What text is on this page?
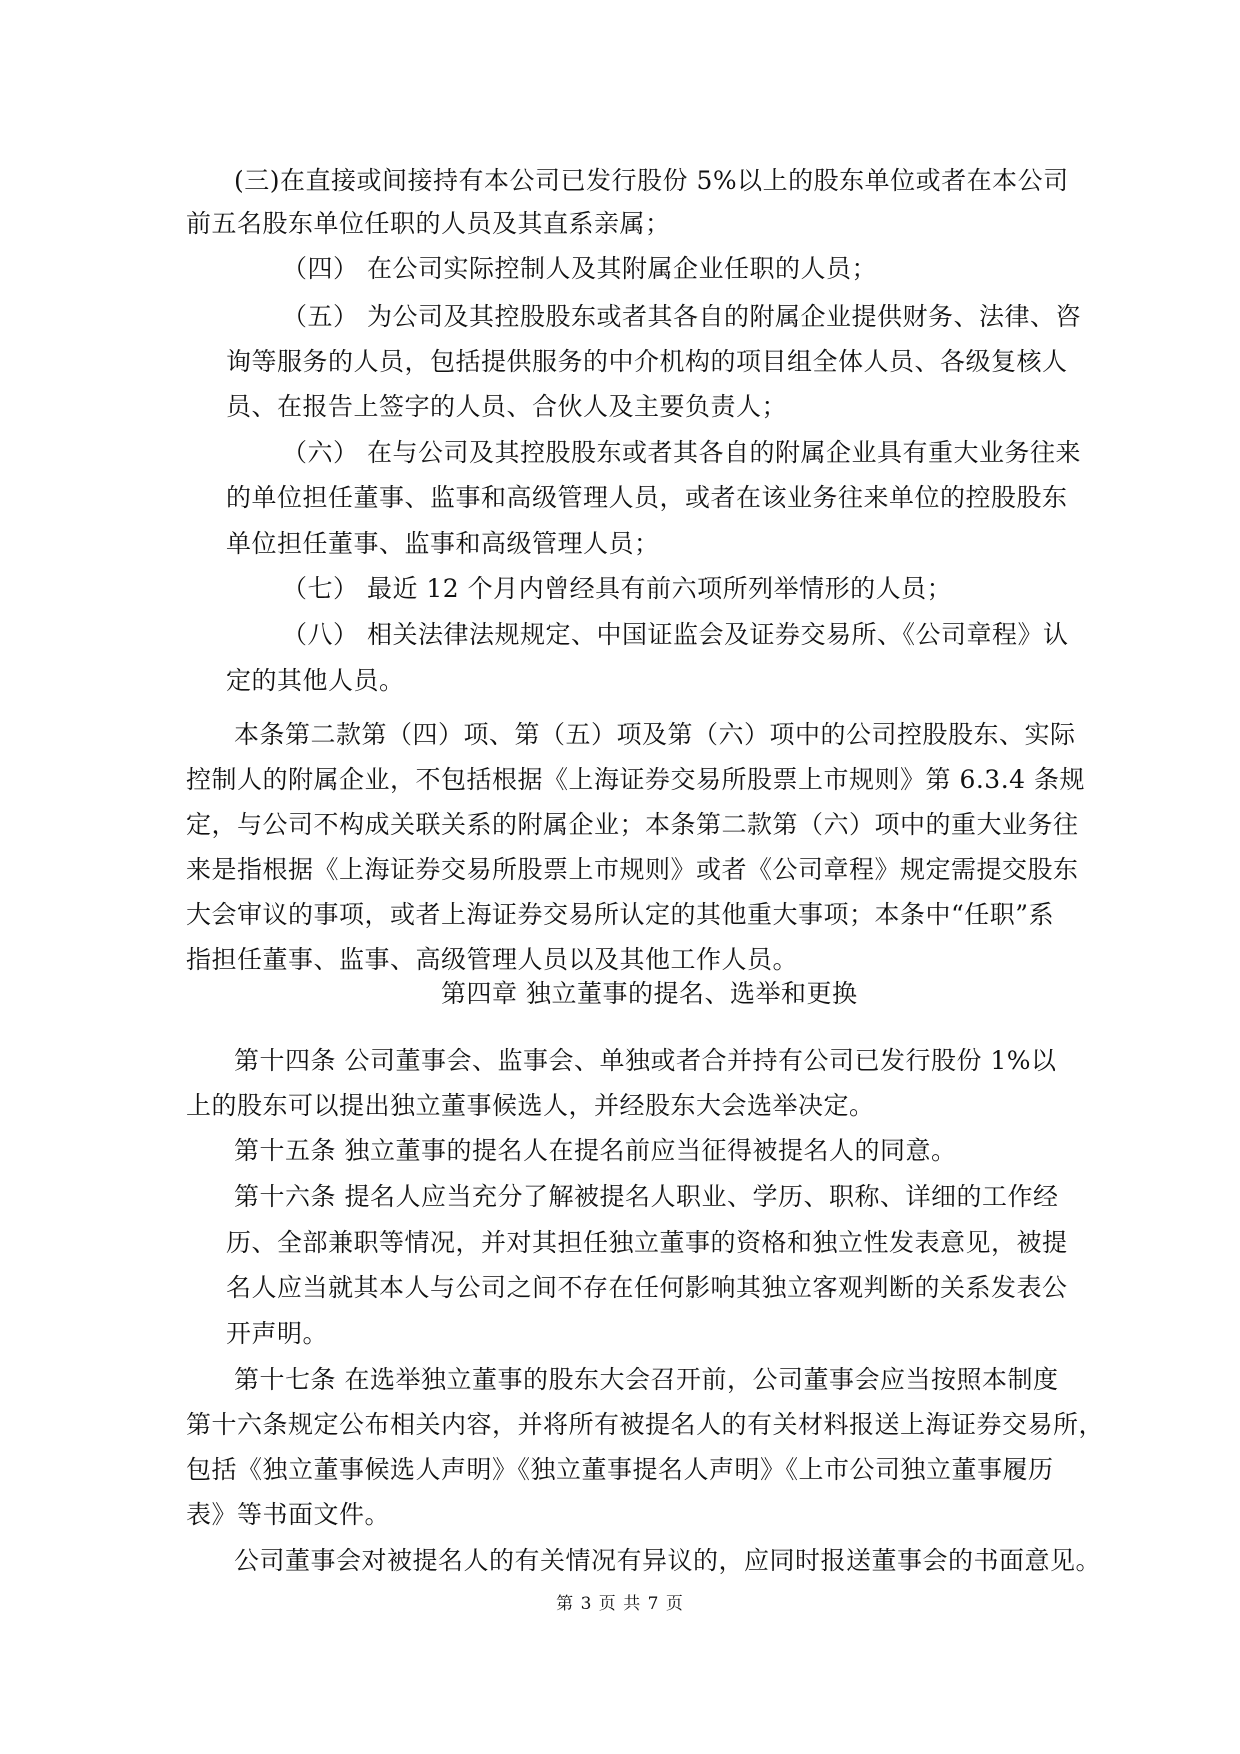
(三)在直接或间接持有本公司已发行股份 5%以上的股东单位或者在本公司
前五名股东单位任职的人员及其直系亲属；
（四） 在公司实际控制人及其附属企业任职的人员；
（五） 为公司及其控股股东或者其各自的附属企业提供财务、法律、咨
询等服务的人员，包括提供服务的中介机构的项目组全体人员、各级复核人
员、在报告上签字的人员、合伙人及主要负责人；
（六） 在与公司及其控股股东或者其各自的附属企业具有重大业务往来
的单位担任董事、监事和高级管理人员，或者在该业务往来单位的控股股东
单位担任董事、监事和高级管理人员；
（七） 最近 12 个月内曾经具有前六项所列举情形的人员；
（八） 相关法律法规规定、中国证监会及证券交易所、《公司章程》认
定的其他人员。
本条第二款第（四）项、第（五）项及第（六）项中的公司控股股东、实际
控制人的附属企业，不包括根据《上海证券交易所股票上市规则》第 6.3.4 条规
定，与公司不构成关联关系的附属企业；本条第二款第（六）项中的重大业务往
来是指根据《上海证券交易所股票上市规则》或者《公司章程》规定需提交股东
大会审议的事项，或者上海证券交易所认定的其他重大事项；本条中“任职”系
指担任董事、监事、高级管理人员以及其他工作人员。
第十四条 公司董事会、监事会、单独或者合并持有公司已发行股份 1%以
上的股东可以提出独立董事候选人，并经股东大会选举决定。
第十五条 独立董事的提名人在提名前应当征得被提名人的同意。
第十六条 提名人应当充分了解被提名人职业、学历、职称、详细的工作经
历、全部兼职等情况，并对其担任独立董事的资格和独立性发表意见，被提
名人应当就其本人与公司之间不存在任何影响其独立客观判断的关系发表公
开声明。
第十七条 在选举独立董事的股东大会召开前，公司董事会应当按照本制度
第十六条规定公布相关内容，并将所有被提名人的有关材料报送上海证券交易所，
包括《独立董事候选人声明》《独立董事提名人声明》《上市公司独立董事履历
表》等书面文件。
公司董事会对被提名人的有关情况有异议的，应同时报送董事会的书面意见。
第四章 独立董事的提名、选举和更换
第 3 页 共 7 页
